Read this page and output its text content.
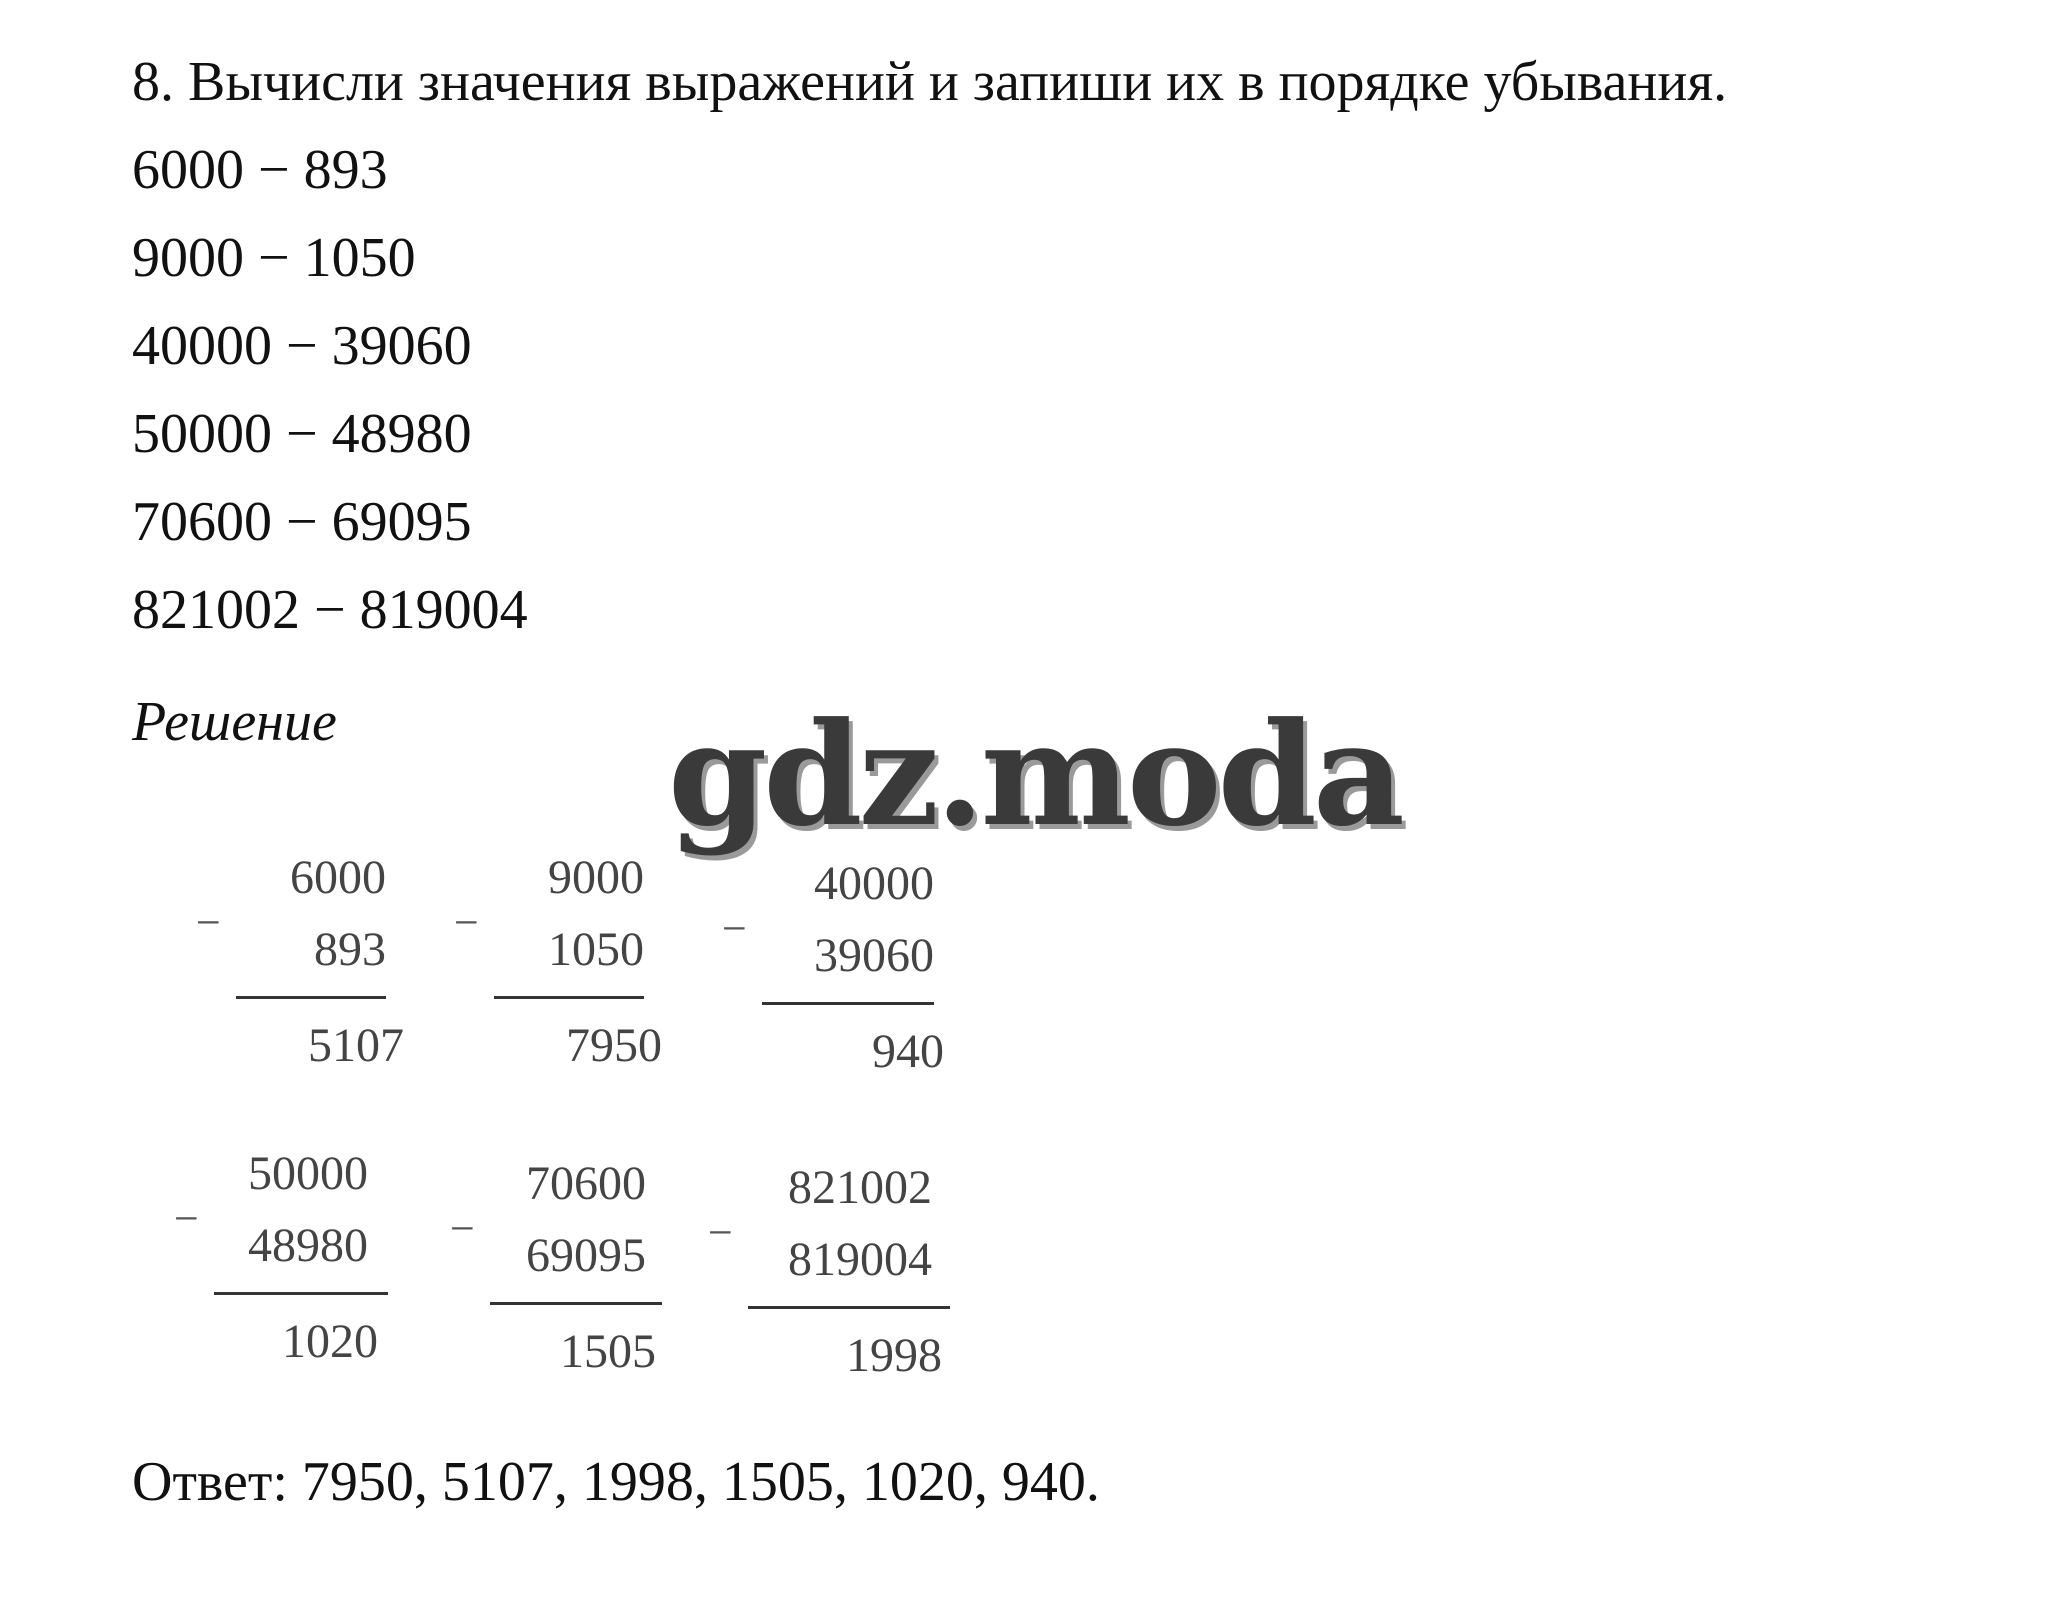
8. Вычисли значения выражений и запиши их в порядке убывания.
6000 − 893
9000 − 1050
40000 − 39060
50000 − 48980
70600 − 69095
821002 − 819004
Решение gdz.moda
−
6000
893
5107
−
9000
1050
7950
−
40000
39060
940
−
50000
48980
1020
−
70600
69095
1505
−
821002
819004
1998
Ответ: 7950, 5107, 1998, 1505, 1020, 940.
